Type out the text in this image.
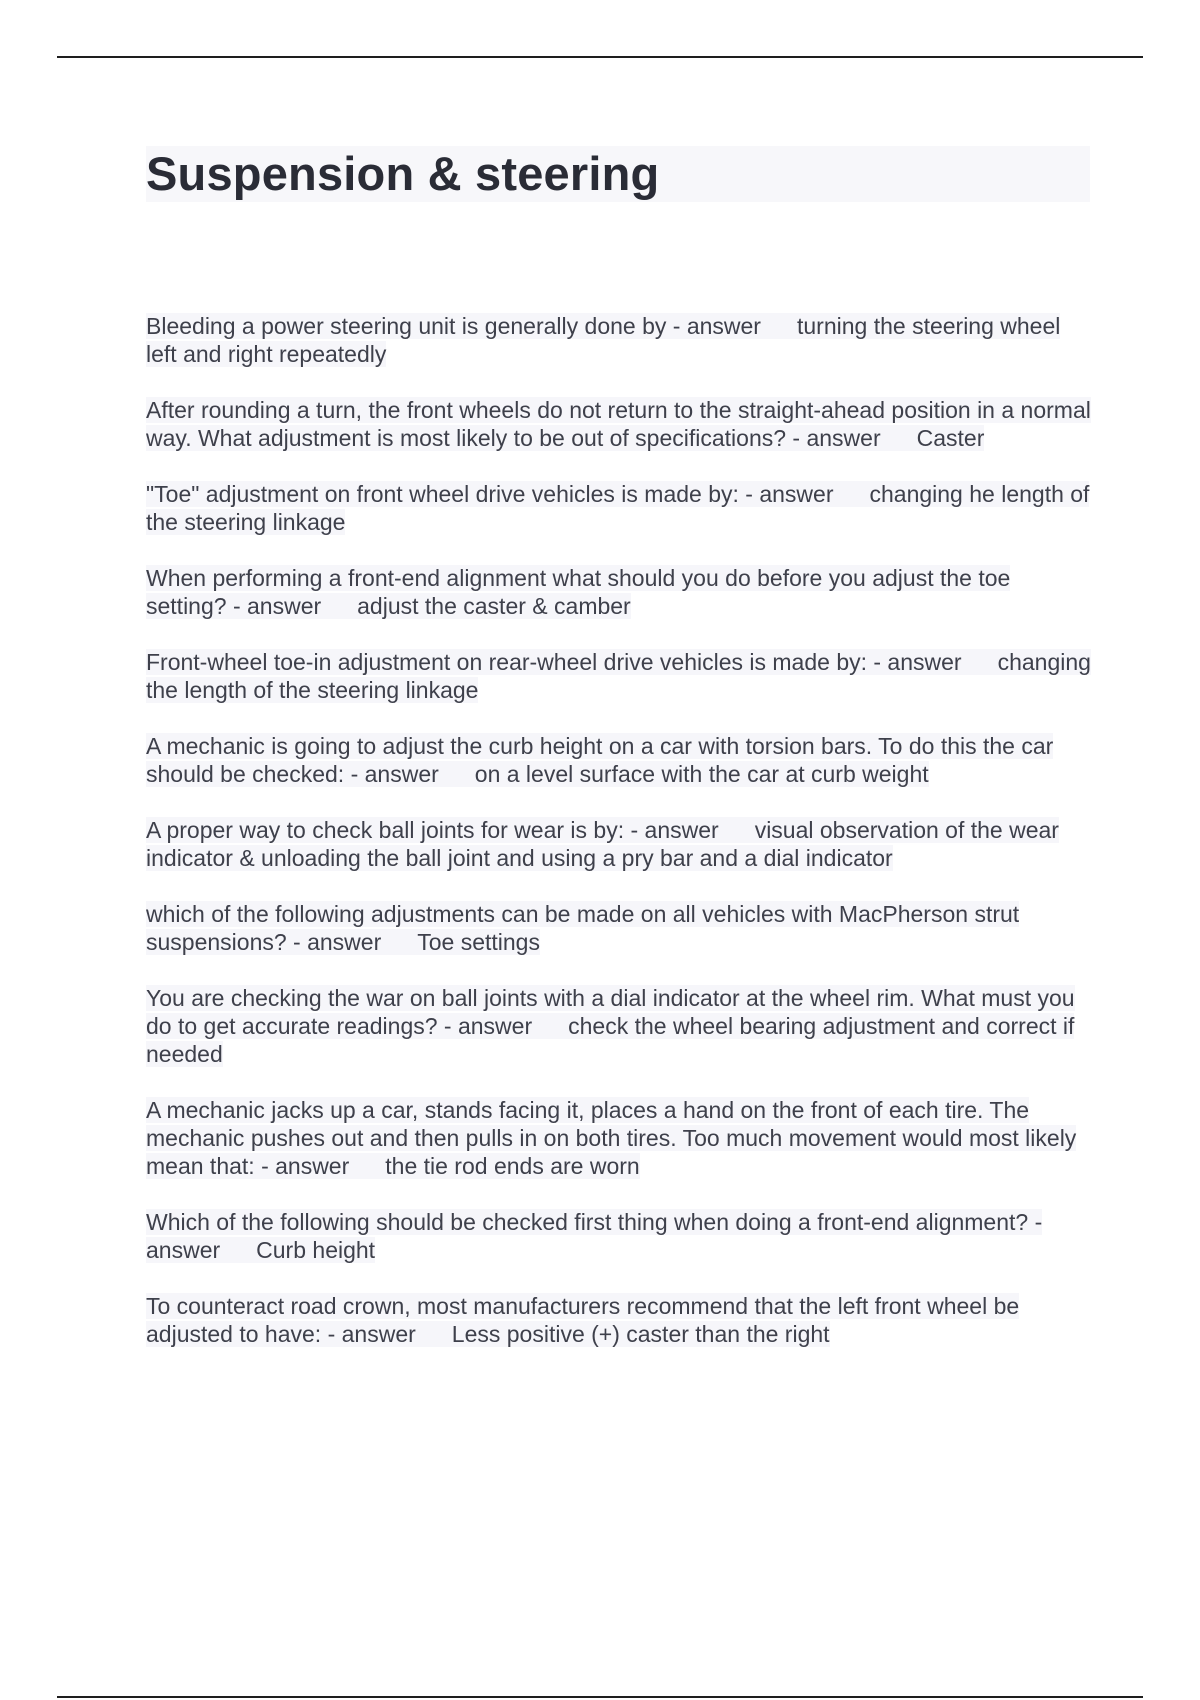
Suspension & steering

Bleeding a power steering unit is generally done by - answer turning the steering wheel left and right repeatedly

After rounding a turn, the front wheels do not return to the straight-ahead position in a normal way. What adjustment is most likely to be out of specifications? - answer Caster

"Toe" adjustment on front wheel drive vehicles is made by: - answer changing he length of the steering linkage

When performing a front-end alignment what should you do before you adjust the toe setting? - answer adjust the caster & camber

Front-wheel toe-in adjustment on rear-wheel drive vehicles is made by: - answer changing the length of the steering linkage

A mechanic is going to adjust the curb height on a car with torsion bars. To do this the car should be checked: - answer on a level surface with the car at curb weight

A proper way to check ball joints for wear is by: - answer visual observation of the wear indicator & unloading the ball joint and using a pry bar and a dial indicator

which of the following adjustments can be made on all vehicles with MacPherson strut suspensions? - answer Toe settings

You are checking the war on ball joints with a dial indicator at the wheel rim. What must you do to get accurate readings? - answer check the wheel bearing adjustment and correct if needed

A mechanic jacks up a car, stands facing it, places a hand on the front of each tire. The mechanic pushes out and then pulls in on both tires. Too much movement would most likely mean that: - answer the tie rod ends are worn

Which of the following should be checked first thing when doing a front-end alignment? - answer Curb height

To counteract road crown, most manufacturers recommend that the left front wheel be adjusted to have: - answer Less positive (+) caster than the right
